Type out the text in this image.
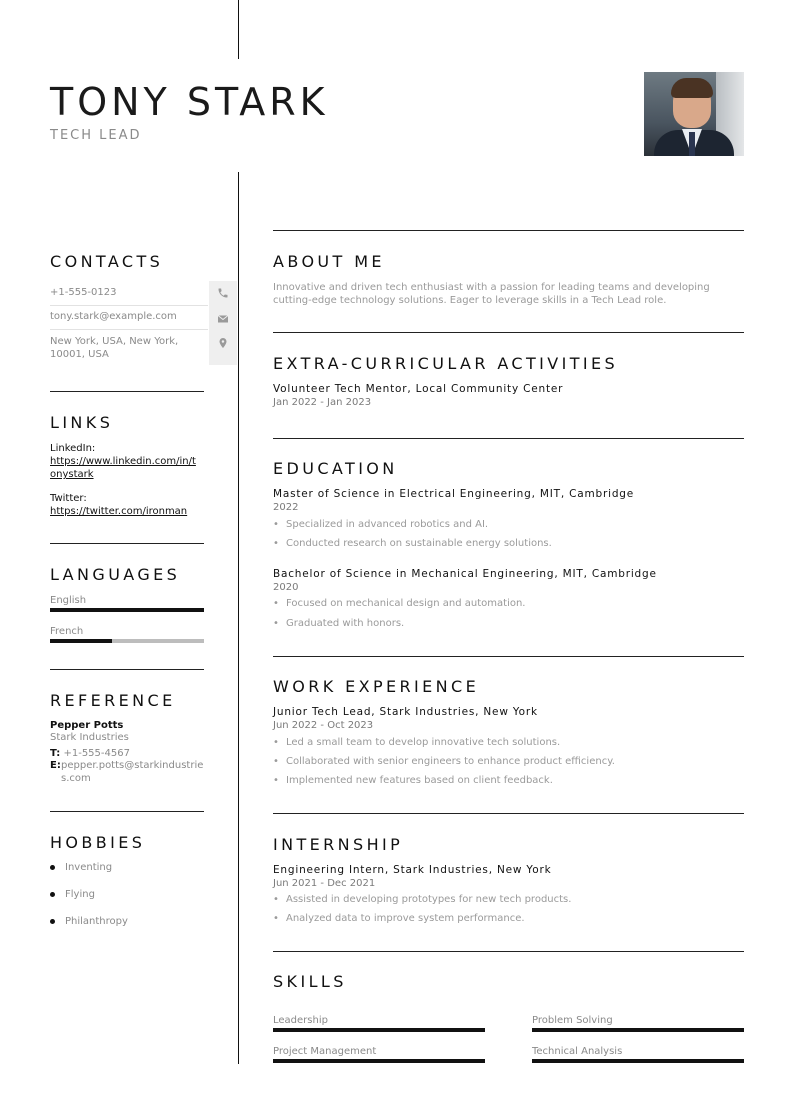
TONY STARK
TECH LEAD
CONTACTS
+1-555-0123
tony.stark@example.com
New York, USA, New York, 10001, USA
LINKS
LinkedIn:
https://www.linkedin.com/in/tonystark
Twitter:
https://twitter.com/ironman
LANGUAGES
English
French
REFERENCE
Pepper Potts
Stark Industries
T: +1-555-4567
E: pepper.potts@starkindustries.com
HOBBIES
Inventing
Flying
Philanthropy
ABOUT ME
Innovative and driven tech enthusiast with a passion for leading teams and developing cutting-edge technology solutions. Eager to leverage skills in a Tech Lead role.
EXTRA-CURRICULAR ACTIVITIES
Volunteer Tech Mentor, Local Community Center
Jan 2022 - Jan 2023
EDUCATION
Master of Science in Electrical Engineering, MIT, Cambridge
2022
• Specialized in advanced robotics and AI.
• Conducted research on sustainable energy solutions.
Bachelor of Science in Mechanical Engineering, MIT, Cambridge
2020
• Focused on mechanical design and automation.
• Graduated with honors.
WORK EXPERIENCE
Junior Tech Lead, Stark Industries, New York
Jun 2022 - Oct 2023
• Led a small team to develop innovative tech solutions.
• Collaborated with senior engineers to enhance product efficiency.
• Implemented new features based on client feedback.
INTERNSHIP
Engineering Intern, Stark Industries, New York
Jun 2021 - Dec 2021
• Assisted in developing prototypes for new tech products.
• Analyzed data to improve system performance.
SKILLS
Leadership	Problem Solving
Project Management	Technical Analysis
